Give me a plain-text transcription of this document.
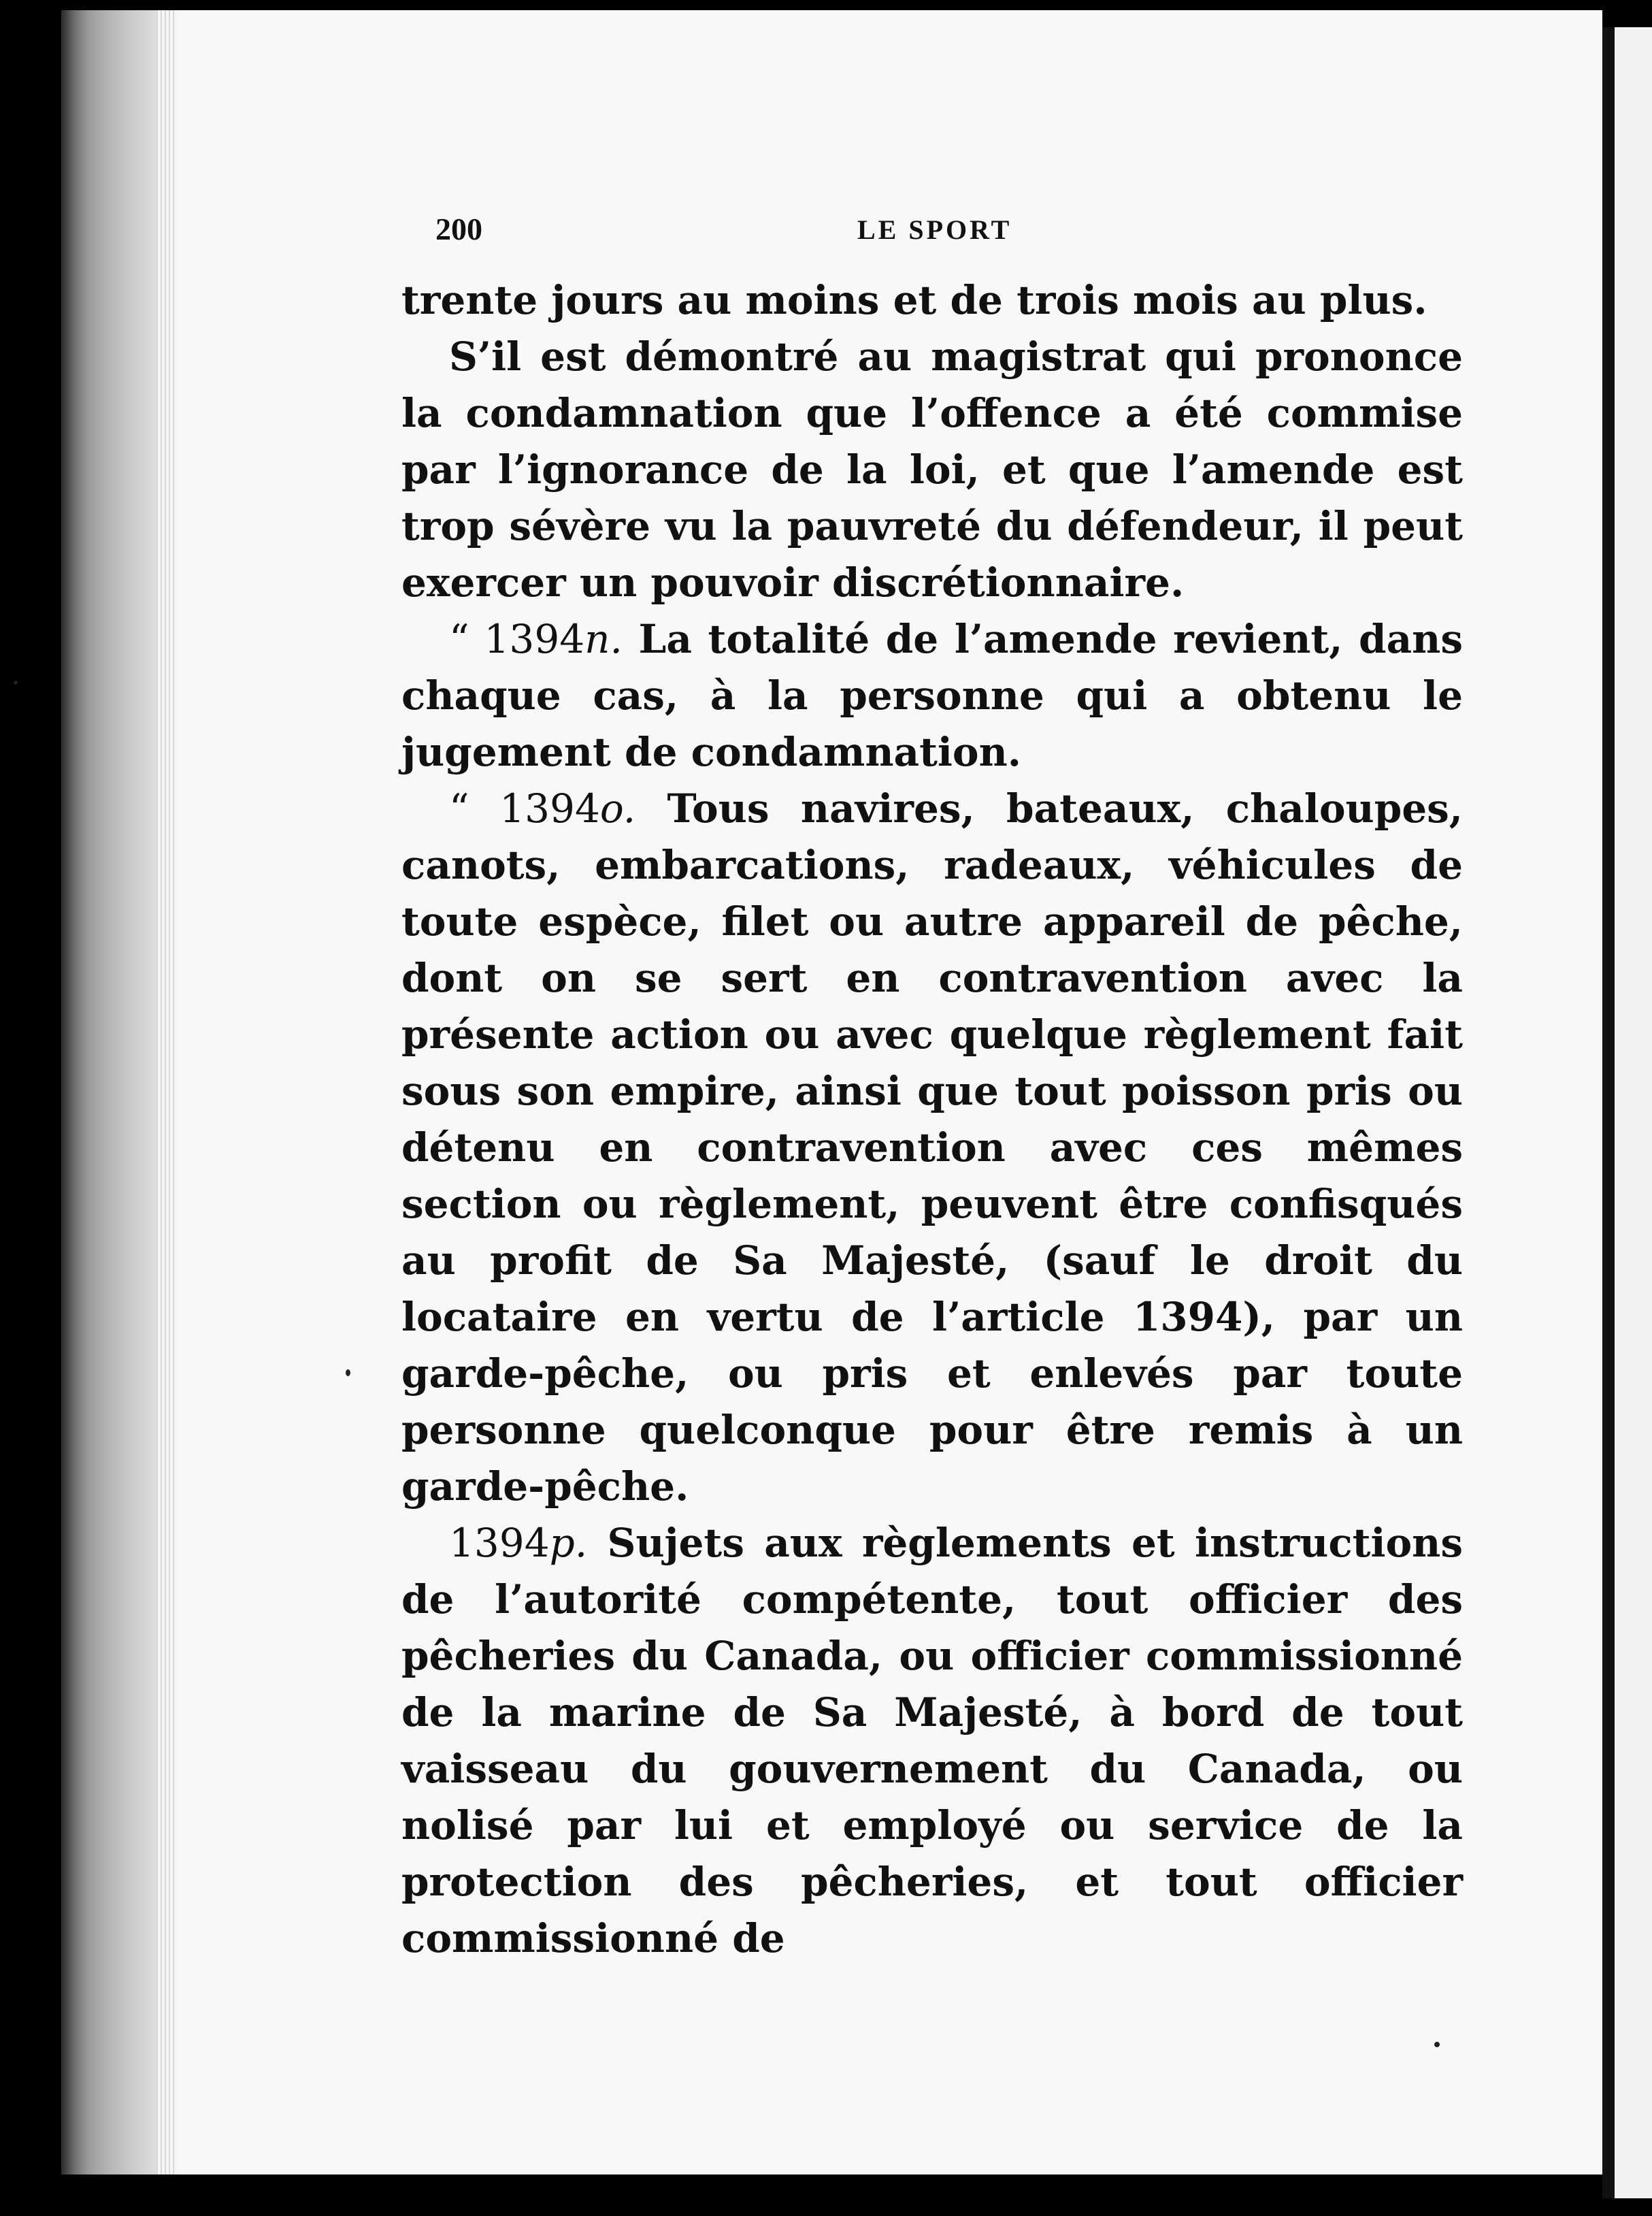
200	LE SPORT

trente jours au moins et de trois mois au plus.

S’il est démontré au magistrat qui prononce la condamnation que l’offence a été commise par l’ignorance de la loi, et que l’amende est trop sévère vu la pauvreté du défendeur, il peut exercer un pouvoir discrétionnaire.

“ 1394n. La totalité de l’amende revient, dans chaque cas, à la personne qui a obtenu le jugement de condamnation.

“ 1394o. Tous navires, bateaux, chaloupes, canots, embarcations, radeaux, véhicules de toute espèce, filet ou autre appareil de pêche, dont on se sert en contravention avec la présente action ou avec quelque règlement fait sous son empire, ainsi que tout poisson pris ou détenu en contravention avec ces mêmes section ou règlement, peuvent être confisqués au profit de Sa Majesté, (sauf le droit du locataire en vertu de l’article 1394), par un garde-pêche, ou pris et enlevés par toute personne quelconque pour être remis à un garde-pêche.

1394p. Sujets aux règlements et instructions de l’autorité compétente, tout officier des pêcheries du Canada, ou officier commissionné de la marine de Sa Majesté, à bord de tout vaisseau du gouvernement du Canada, ou nolisé par lui et employé ou service de la protection des pêcheries, et tout officier commissionné de
